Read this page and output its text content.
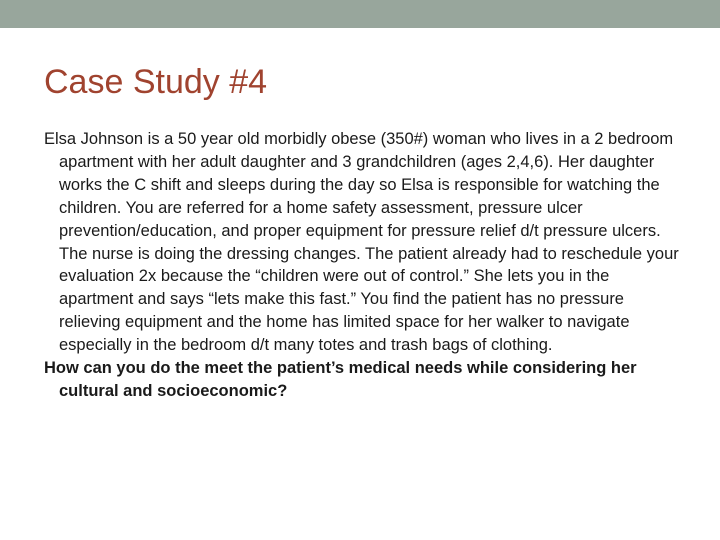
Case Study #4

Elsa Johnson is a 50 year old morbidly obese (350#) woman who lives in a 2 bedroom apartment with her adult daughter and 3 grandchildren (ages 2,4,6). Her daughter works the C shift and sleeps during the day so Elsa is responsible for watching the children. You are referred for a home safety assessment, pressure ulcer prevention/education, and proper equipment for pressure relief d/t pressure ulcers. The nurse is doing the dressing changes. The patient already had to reschedule your evaluation 2x because the “children were out of control.” She lets you in the apartment and says “lets make this fast.” You find the patient has no pressure relieving equipment and the home has limited space for her walker to navigate especially in the bedroom d/t many totes and trash bags of clothing.

How can you do the meet the patient’s medical needs while considering her cultural and socioeconomic?
